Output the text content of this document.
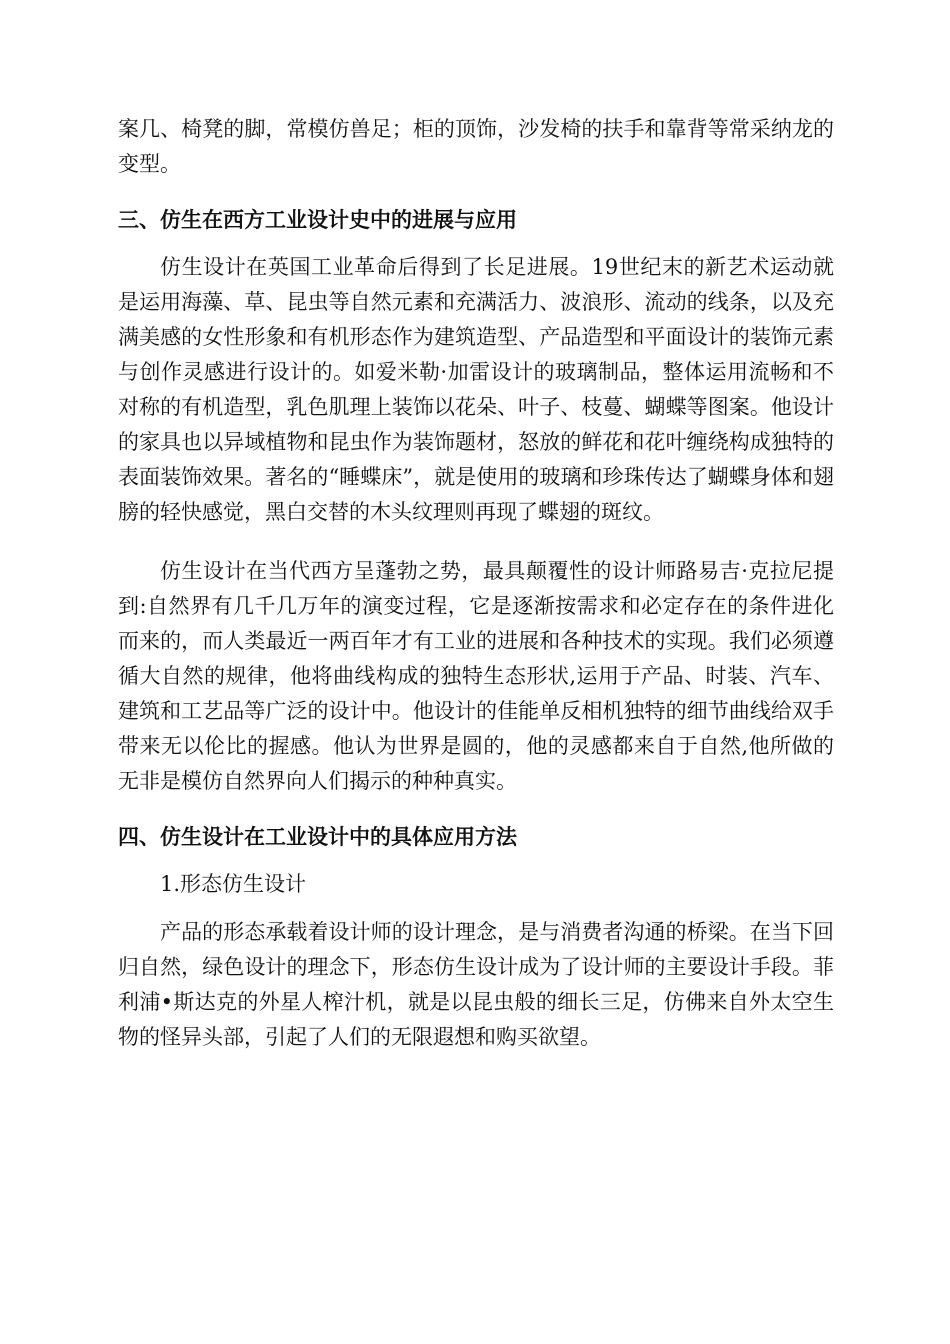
案几、椅凳的脚，常模仿兽足；柜的顶饰，沙发椅的扶手和靠背等常采纳龙的变型。

三、仿生在西方工业设计史中的进展与应用

仿生设计在英国工业革命后得到了长足进展。19世纪末的新艺术运动就是运用海藻、草、昆虫等自然元素和充满活力、波浪形、流动的线条，以及充满美感的女性形象和有机形态作为建筑造型、产品造型和平面设计的装饰元素与创作灵感进行设计的。如爱米勒·加雷设计的玻璃制品，整体运用流畅和不对称的有机造型，乳色肌理上装饰以花朵、叶子、枝蔓、蝴蝶等图案。他设计的家具也以异域植物和昆虫作为装饰题材，怒放的鲜花和花叶缠绕构成独特的表面装饰效果。著名的“睡蝶床”，就是使用的玻璃和珍珠传达了蝴蝶身体和翅膀的轻快感觉，黑白交替的木头纹理则再现了蝶翅的斑纹。

仿生设计在当代西方呈蓬勃之势，最具颠覆性的设计师路易吉·克拉尼提到:自然界有几千几万年的演变过程，它是逐渐按需求和必定存在的条件进化而来的，而人类最近一两百年才有工业的进展和各种技术的实现。我们必须遵循大自然的规律，他将曲线构成的独特生态形状,运用于产品、时装、汽车、建筑和工艺品等广泛的设计中。他设计的佳能单反相机独特的细节曲线给双手带来无以伦比的握感。他认为世界是圆的，他的灵感都来自于自然,他所做的无非是模仿自然界向人们揭示的种种真实。

四、仿生设计在工业设计中的具体应用方法

1.形态仿生设计

产品的形态承载着设计师的设计理念，是与消费者沟通的桥梁。在当下回归自然，绿色设计的理念下，形态仿生设计成为了设计师的主要设计手段。菲利浦•斯达克的外星人榨汁机，就是以昆虫般的细长三足，仿佛来自外太空生物的怪异头部，引起了人们的无限遐想和购买欲望。
